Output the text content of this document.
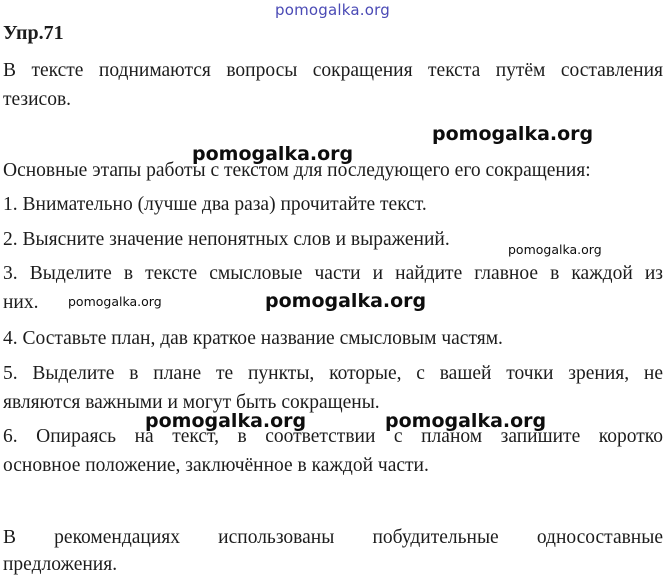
pomogalka.org
Упр.71
В тексте поднимаются вопросы сокращения текста путём составления
тезисов.
Основные этапы работы с текстом для последующего его сокращения:
1. Внимательно (лучше два раза) прочитайте текст.
2. Выясните значение непонятных слов и выражений.
3. Выделите в тексте смысловые части и найдите главное в каждой из
них.
4. Составьте план, дав краткое название смысловым частям.
5. Выделите в плане те пункты, которые, с вашей точки зрения, не
являются важными и могут быть сокращены.
6. Опираясь на текст, в соответствии с планом запишите коротко
основное положение, заключённое в каждой части.
В рекомендациях использованы побудительные односоставные
предложения.
pomogalka.org
pomogalka.org
pomogalka.org
pomogalka.org	pomogalka.org
pomogalka.org	pomogalka.org
